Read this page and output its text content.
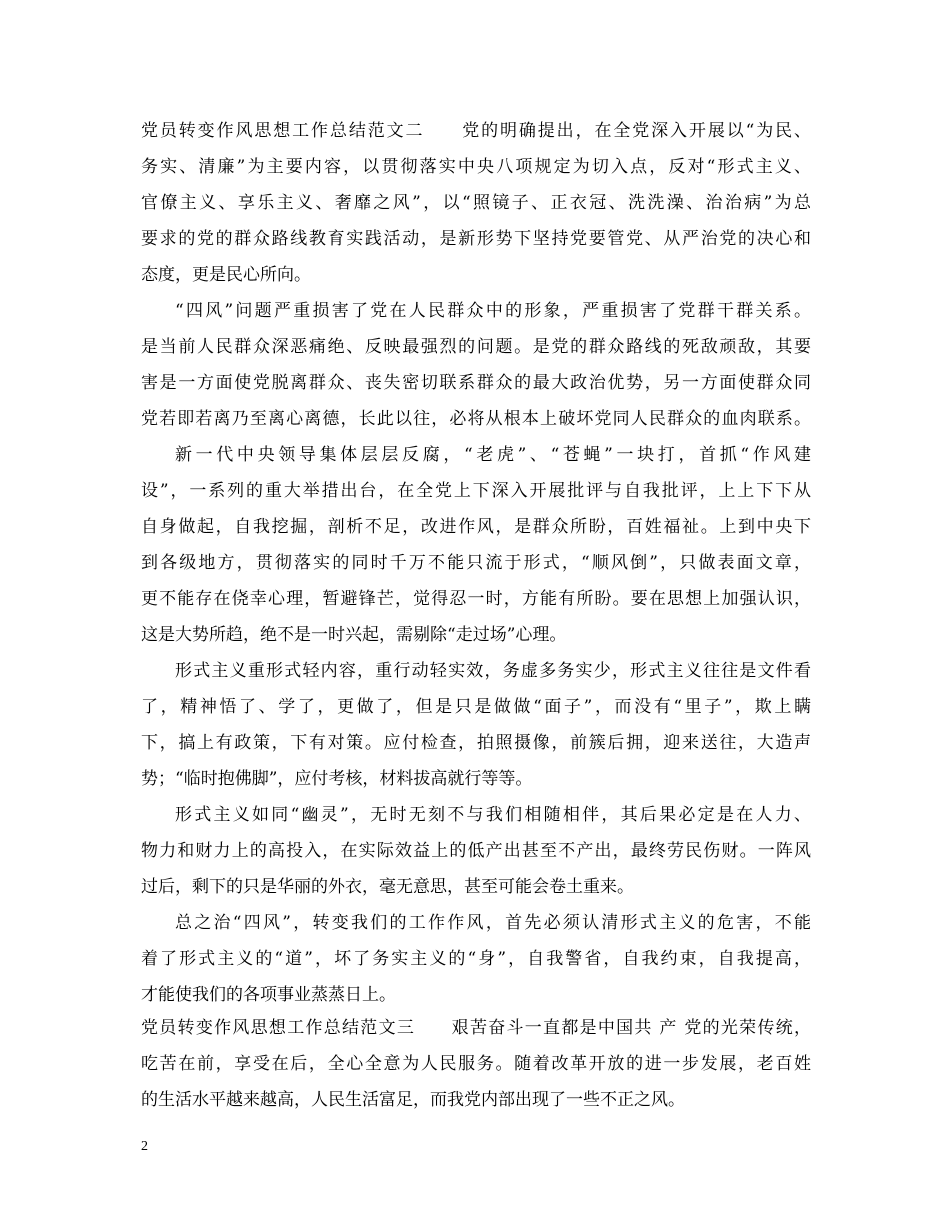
党员转变作风思想工作总结范文二　　党的明确提出，在全党深入开展以“为民、
务实、清廉”为主要内容，以贯彻落实中央八项规定为切入点，反对“形式主义、
官僚主义、享乐主义、奢靡之风”，以“照镜子、正衣冠、洗洗澡、治治病”为总
要求的党的群众路线教育实践活动，是新形势下坚持党要管党、从严治党的决心和
态度，更是民心所向。
“四风”问题严重损害了党在人民群众中的形象，严重损害了党群干群关系。
是当前人民群众深恶痛绝、反映最强烈的问题。是党的群众路线的死敌顽敌，其要
害是一方面使党脱离群众、丧失密切联系群众的最大政治优势，另一方面使群众同
党若即若离乃至离心离德，长此以往，必将从根本上破坏党同人民群众的血肉联系。
新一代中央领导集体层层反腐，“老虎”、“苍蝇”一块打，首抓“作风建
设”，一系列的重大举措出台，在全党上下深入开展批评与自我批评，上上下下从
自身做起，自我挖掘，剖析不足，改进作风，是群众所盼，百姓福祉。上到中央下
到各级地方，贯彻落实的同时千万不能只流于形式，“顺风倒”，只做表面文章，
更不能存在侥幸心理，暂避锋芒，觉得忍一时，方能有所盼。要在思想上加强认识，
这是大势所趋，绝不是一时兴起，需剔除“走过场”心理。
形式主义重形式轻内容，重行动轻实效，务虚多务实少，形式主义往往是文件看
了，精神悟了、学了，更做了，但是只是做做“面子”，而没有“里子”，欺上瞒
下，搞上有政策，下有对策。应付检查，拍照摄像，前簇后拥，迎来送往，大造声
势；“临时抱佛脚”，应付考核，材料拔高就行等等。
形式主义如同“幽灵”，无时无刻不与我们相随相伴，其后果必定是在人力、
物力和财力上的高投入，在实际效益上的低产出甚至不产出，最终劳民伤财。一阵风
过后，剩下的只是华丽的外衣，毫无意思，甚至可能会卷土重来。
总之治“四风”，转变我们的工作作风，首先必须认清形式主义的危害，不能
着了形式主义的“道”，坏了务实主义的“身”，自我警省，自我约束，自我提高，
才能使我们的各项事业蒸蒸日上。
党员转变作风思想工作总结范文三　　艰苦奋斗一直都是中国共 产 党的光荣传统，
吃苦在前，享受在后，全心全意为人民服务。随着改革开放的进一步发展，老百姓
的生活水平越来越高，人民生活富足，而我党内部出现了一些不正之风。
2
